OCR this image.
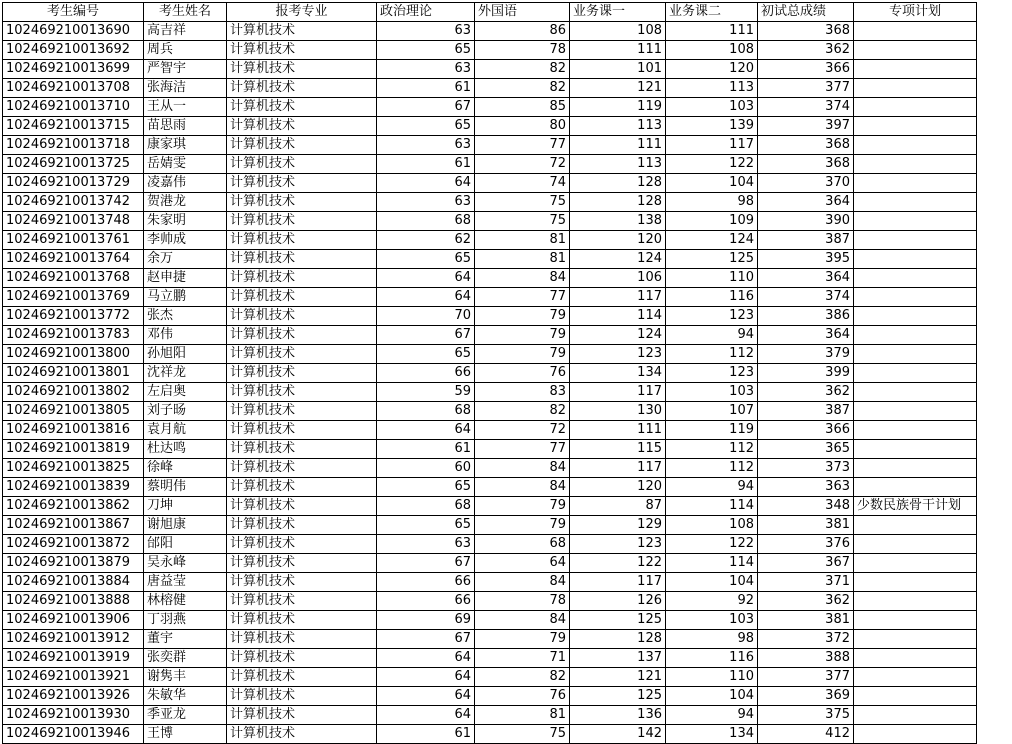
考生编号	考生姓名	报考专业	政治理论	外国语	业务课一	业务课二	初试总成绩	专项计划
102469210013690	高吉祥	计算机技术	63	86	108	111	368	
102469210013692	周兵	计算机技术	65	78	111	108	362	
102469210013699	严智宇	计算机技术	63	82	101	120	366	
102469210013708	张海洁	计算机技术	61	82	121	113	377	
102469210013710	王从一	计算机技术	67	85	119	103	374	
102469210013715	苗思雨	计算机技术	65	80	113	139	397	
102469210013718	康家琪	计算机技术	63	77	111	117	368	
102469210013725	岳婧雯	计算机技术	61	72	113	122	368	
102469210013729	凌嘉伟	计算机技术	64	74	128	104	370	
102469210013742	贺港龙	计算机技术	63	75	128	98	364	
102469210013748	朱家明	计算机技术	68	75	138	109	390	
102469210013761	李帅成	计算机技术	62	81	120	124	387	
102469210013764	余万	计算机技术	65	81	124	125	395	
102469210013768	赵申捷	计算机技术	64	84	106	110	364	
102469210013769	马立鹏	计算机技术	64	77	117	116	374	
102469210013772	张杰	计算机技术	70	79	114	123	386	
102469210013783	邓伟	计算机技术	67	79	124	94	364	
102469210013800	孙旭阳	计算机技术	65	79	123	112	379	
102469210013801	沈祥龙	计算机技术	66	76	134	123	399	
102469210013802	左启奥	计算机技术	59	83	117	103	362	
102469210013805	刘子旸	计算机技术	68	82	130	107	387	
102469210013816	袁月航	计算机技术	64	72	111	119	366	
102469210013819	杜达鸣	计算机技术	61	77	115	112	365	
102469210013825	徐峰	计算机技术	60	84	117	112	373	
102469210013839	蔡明伟	计算机技术	65	84	120	94	363	
102469210013862	刀坤	计算机技术	68	79	87	114	348	少数民族骨干计划
102469210013867	谢旭康	计算机技术	65	79	129	108	381	
102469210013872	邰阳	计算机技术	63	68	123	122	376	
102469210013879	吴永峰	计算机技术	67	64	122	114	367	
102469210013884	唐益莹	计算机技术	66	84	117	104	371	
102469210013888	林榕健	计算机技术	66	78	126	92	362	
102469210013906	丁羽燕	计算机技术	69	84	125	103	381	
102469210013912	董宇	计算机技术	67	79	128	98	372	
102469210013919	张奕群	计算机技术	64	71	137	116	388	
102469210013921	谢隽丰	计算机技术	64	82	121	110	377	
102469210013926	朱敏华	计算机技术	64	76	125	104	369	
102469210013930	季亚龙	计算机技术	64	81	136	94	375	
102469210013946	王博	计算机技术	61	75	142	134	412	
